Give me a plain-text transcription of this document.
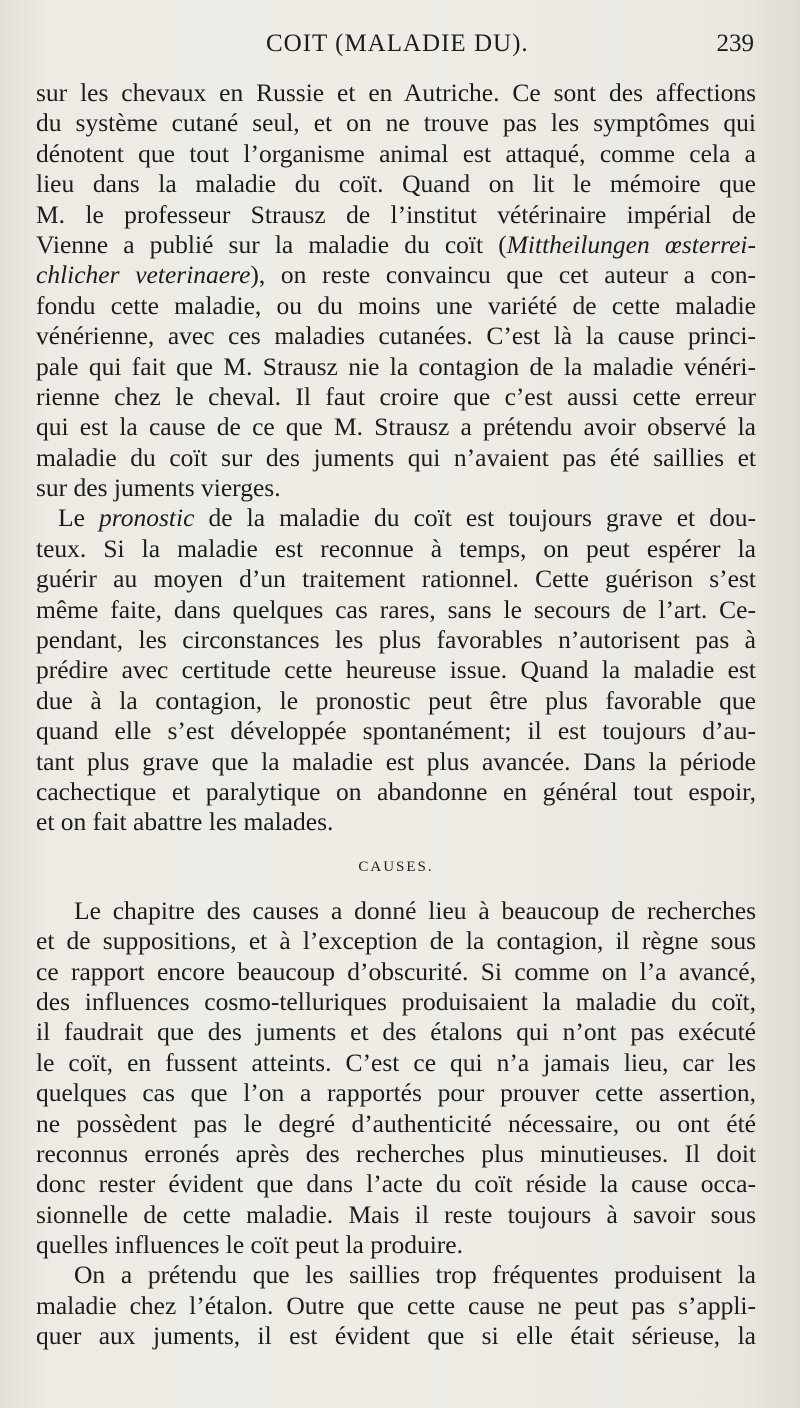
COIT (MALADIE DU).	239
sur les chevaux en Russie et en Autriche. Ce sont des affections
du système cutané seul, et on ne trouve pas les symptômes qui
dénotent que tout l’organisme animal est attaqué, comme cela a
lieu dans la maladie du coït. Quand on lit le mémoire que
M. le professeur Strausz de l’institut vétérinaire impérial de
Vienne a publié sur la maladie du coït (Mittheilungen œsterrei-
chlicher veterinaere), on reste convaincu que cet auteur a con-
fondu cette maladie, ou du moins une variété de cette maladie
vénérienne, avec ces maladies cutanées. C’est là la cause princi-
pale qui fait que M. Strausz nie la contagion de la maladie vénéri-
rienne chez le cheval. Il faut croire que c’est aussi cette erreur
qui est la cause de ce que M. Strausz a prétendu avoir observé la
maladie du coït sur des juments qui n’avaient pas été saillies et
sur des juments vierges.
Le pronostic de la maladie du coït est toujours grave et dou-
teux. Si la maladie est reconnue à temps, on peut espérer la
guérir au moyen d’un traitement rationnel. Cette guérison s’est
même faite, dans quelques cas rares, sans le secours de l’art. Ce-
pendant, les circonstances les plus favorables n’autorisent pas à
prédire avec certitude cette heureuse issue. Quand la maladie est
due à la contagion, le pronostic peut être plus favorable que
quand elle s’est développée spontanément; il est toujours d’au-
tant plus grave que la maladie est plus avancée. Dans la période
cachectique et paralytique on abandonne en général tout espoir,
et on fait abattre les malades.
CAUSES.
Le chapitre des causes a donné lieu à beaucoup de recherches
et de suppositions, et à l’exception de la contagion, il règne sous
ce rapport encore beaucoup d’obscurité. Si comme on l’a avancé,
des influences cosmo-telluriques produisaient la maladie du coït,
il faudrait que des juments et des étalons qui n’ont pas exécuté
le coït, en fussent atteints. C’est ce qui n’a jamais lieu, car les
quelques cas que l’on a rapportés pour prouver cette assertion,
ne possèdent pas le degré d’authenticité nécessaire, ou ont été
reconnus erronés après des recherches plus minutieuses. Il doit
donc rester évident que dans l’acte du coït réside la cause occa-
sionnelle de cette maladie. Mais il reste toujours à savoir sous
quelles influences le coït peut la produire.
On a prétendu que les saillies trop fréquentes produisent la
maladie chez l’étalon. Outre que cette cause ne peut pas s’appli-
quer aux juments, il est évident que si elle était sérieuse, la
